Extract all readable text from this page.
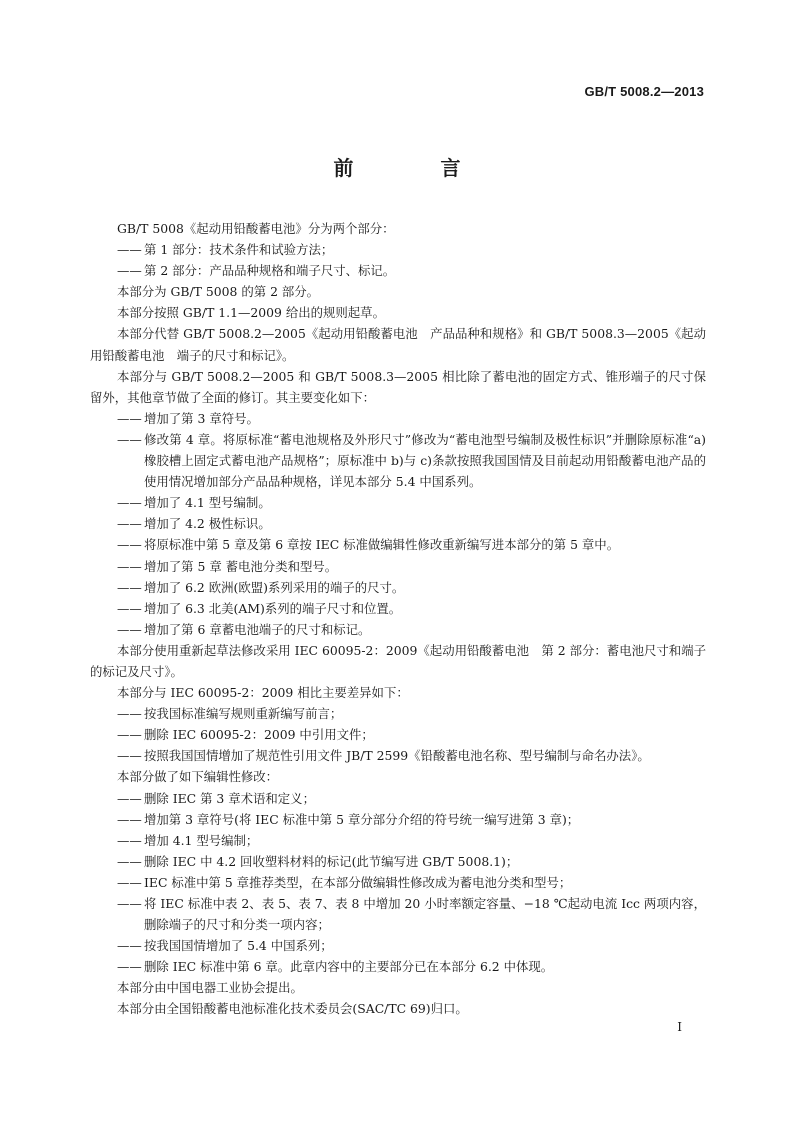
GB/T 5008.2—2013
前 言
GB/T 5008《起动用铅酸蓄电池》分为两个部分：
—— 第 1 部分：技术条件和试验方法；
—— 第 2 部分：产品品种规格和端子尺寸、标记。
本部分为 GB/T 5008 的第 2 部分。
本部分按照 GB/T 1.1—2009 给出的规则起草。
本部分代替 GB/T 5008.2—2005《起动用铅酸蓄电池　产品品种和规格》和 GB/T 5008.3—2005《起动用铅酸蓄电池　端子的尺寸和标记》。
本部分与 GB/T 5008.2—2005 和 GB/T 5008.3—2005 相比除了蓄电池的固定方式、锥形端子的尺寸保留外，其他章节做了全面的修订。其主要变化如下：
—— 增加了第 3 章符号。
—— 修改第 4 章。将原标准“蓄电池规格及外形尺寸”修改为“蓄电池型号编制及极性标识”并删除原标准“a)橡胶槽上固定式蓄电池产品规格”；原标准中 b)与 c)条款按照我国国情及目前起动用铅酸蓄电池产品的使用情况增加部分产品品种规格，详见本部分 5.4 中国系列。
—— 增加了 4.1 型号编制。
—— 增加了 4.2 极性标识。
—— 将原标准中第 5 章及第 6 章按 IEC 标准做编辑性修改重新编写进本部分的第 5 章中。
—— 增加了第 5 章 蓄电池分类和型号。
—— 增加了 6.2 欧洲(欧盟)系列采用的端子的尺寸。
—— 增加了 6.3 北美(AM)系列的端子尺寸和位置。
—— 增加了第 6 章蓄电池端子的尺寸和标记。
本部分使用重新起草法修改采用 IEC 60095-2：2009《起动用铅酸蓄电池　第 2 部分：蓄电池尺寸和端子的标记及尺寸》。
本部分与 IEC 60095-2：2009 相比主要差异如下：
—— 按我国标准编写规则重新编写前言；
—— 删除 IEC 60095-2：2009 中引用文件；
—— 按照我国国情增加了规范性引用文件 JB/T 2599《铅酸蓄电池名称、型号编制与命名办法》。
本部分做了如下编辑性修改：
—— 删除 IEC 第 3 章术语和定义；
—— 增加第 3 章符号(将 IEC 标准中第 5 章分部分介绍的符号统一编写进第 3 章)；
—— 增加 4.1 型号编制；
—— 删除 IEC 中 4.2 回收塑料材料的标记(此节编写进 GB/T 5008.1)；
—— IEC 标准中第 5 章推荐类型，在本部分做编辑性修改成为蓄电池分类和型号；
—— 将 IEC 标准中表 2、表 5、表 7、表 8 中增加 20 小时率额定容量、−18 ℃起动电流 Icc 两项内容，删除端子的尺寸和分类一项内容；
—— 按我国国情增加了 5.4 中国系列；
—— 删除 IEC 标准中第 6 章。此章内容中的主要部分已在本部分 6.2 中体现。
本部分由中国电器工业协会提出。
本部分由全国铅酸蓄电池标准化技术委员会(SAC/TC 69)归口。
I
